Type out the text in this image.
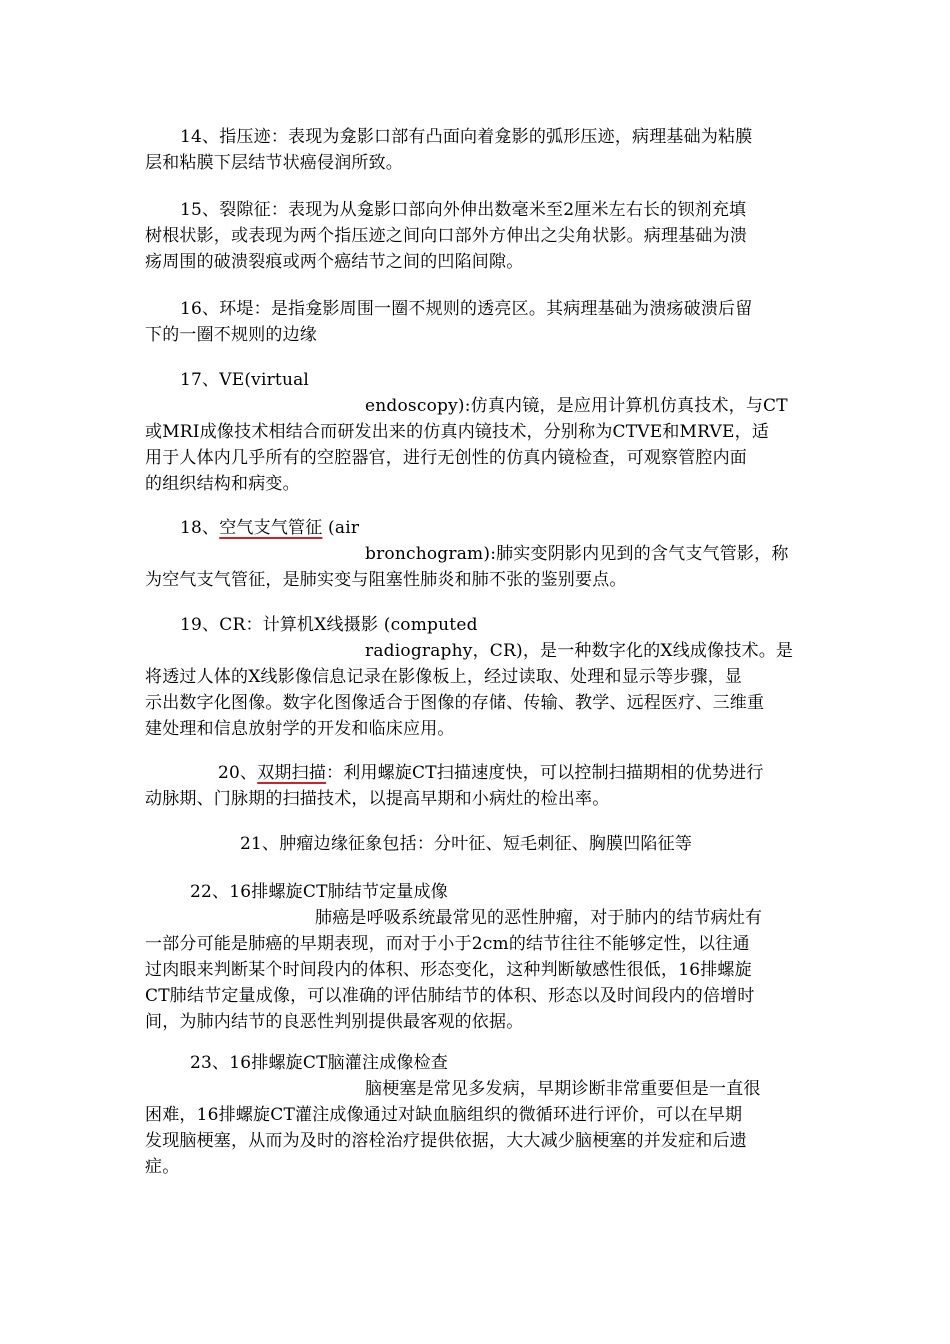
14、指压迹：表现为龛影口部有凸面向着龛影的弧形压迹，病理基础为粘膜
层和粘膜下层结节状癌侵润所致。
15、裂隙征：表现为从龛影口部向外伸出数毫米至2厘米左右长的钡剂充填
树根状影，或表现为两个指压迹之间向口部外方伸出之尖角状影。病理基础为溃
疡周围的破溃裂痕或两个癌结节之间的凹陷间隙。
16、环堤：是指龛影周围一圈不规则的透亮区。其病理基础为溃疡破溃后留
下的一圈不规则的边缘
17、VE(virtual
endoscopy):仿真内镜，是应用计算机仿真技术，与CT
或MRI成像技术相结合而研发出来的仿真内镜技术，分别称为CTVE和MRVE，适
用于人体内几乎所有的空腔器官，进行无创性的仿真内镜检查，可观察管腔内面
的组织结构和病变。
18、空气支气管征 (air
bronchogram):肺实变阴影内见到的含气支气管影，称
为空气支气管征，是肺实变与阻塞性肺炎和肺不张的鉴别要点。
19、CR：计算机X线摄影 (computed
radiography，CR)，是一种数字化的X线成像技术。是
将透过人体的X线影像信息记录在影像板上，经过读取、处理和显示等步骤，显
示出数字化图像。数字化图像适合于图像的存储、传输、教学、远程医疗、三维重
建处理和信息放射学的开发和临床应用。
20、双期扫描：利用螺旋CT扫描速度快，可以控制扫描期相的优势进行
动脉期、门脉期的扫描技术，以提高早期和小病灶的检出率。
21、肿瘤边缘征象包括：分叶征、短毛刺征、胸膜凹陷征等
22、16排螺旋CT肺结节定量成像
肺癌是呼吸系统最常见的恶性肿瘤，对于肺内的结节病灶有
一部分可能是肺癌的早期表现，而对于小于2cm的结节往往不能够定性，以往通
过肉眼来判断某个时间段内的体积、形态变化，这种判断敏感性很低，16排螺旋
CT肺结节定量成像，可以准确的评估肺结节的体积、形态以及时间段内的倍增时
间，为肺内结节的良恶性判别提供最客观的依据。
23、16排螺旋CT脑灌注成像检查
脑梗塞是常见多发病，早期诊断非常重要但是一直很
困难，16排螺旋CT灌注成像通过对缺血脑组织的微循环进行评价，可以在早期
发现脑梗塞，从而为及时的溶栓治疗提供依据，大大减少脑梗塞的并发症和后遗
症。
